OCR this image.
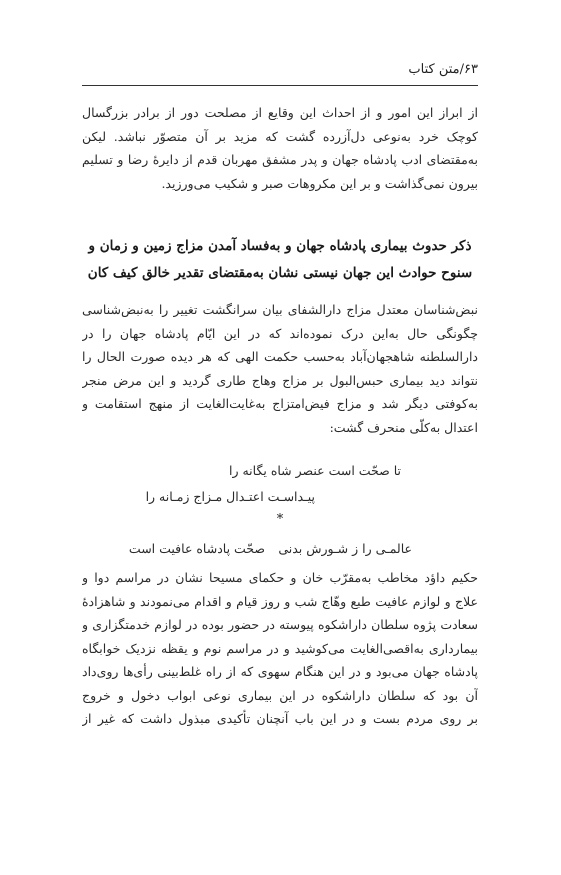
۶۳/متن کتاب
از ابراز این امور و از احداث این وقایع از مصلحت دور از برادر بزرگسال
کوچک خرد به‌نوعی دل‌آزرده گشت که مزید بر آن متصوّر نباشد. لیکن
به‌مقتضای ادب پادشاه جهان و پدر مشفق مهربان قدم از دایرهٔ رضا و تسلیم
بیرون نمی‌گذاشت و بر این مکروهات صبر و شکیب می‌ورزید.
ذکر حدوث بیماری پادشاه جهان و به‌فساد آمدن مزاج زمین و زمان و
سنوح حوادث این جهان نیستی نشان به‌مقتضای تقدیر خالق کیف کان
نبض‌شناسان معتدل مزاج دارالشفای بیان سرانگشت تغییر را به‌نبض‌شناسی
چگونگی حال به‌این درک نموده‌اند که در این ایّام پادشاه جهان را در
دارالسلطنه شاهجهان‌آباد به‌حسب حکمت الهی که هر دیده صورت الحال را
نتواند دید بیماری حبس‌البول بر مزاج وهاج طاری گردید و این مرض منجر
به‌کوفتی دیگر شد و مزاج فیض‌امتزاج به‌غایت‌الغایت از منهج استقامت و
اعتدال به‌کلّی منحرف گشت:
تا صحّت است عنصر شاه یگانه را
پیـداسـت اعتـدال مـزاج زمـانه را
*
عالمـی را ز شـورش بدنی
صحّت پادشاه عافیت است
حکیم داؤد مخاطب به‌مقرّب خان و حکمای مسیحا نشان در مراسم دوا و
علاج و لوازم عافیت طبع وهّاج شب و روز قیام و اقدام می‌نمودند و شاهزادهٔ
سعادت پژوه سلطان داراشکوه پیوسته در حضور بوده در لوازم خدمتگزاری و
بیمارداری به‌اقصی‌الغایت می‌کوشید و در مراسم نوم و یقظه نزدیک خوابگاه
پادشاه جهان می‌بود و در این هنگام سهوی که از راه غلط‌بینی رأی‌ها روی‌داد
آن بود که سلطان داراشکوه در این بیماری نوعی ابواب دخول و خروج
بر روی مردم بست و در این باب آنچنان تأکیدی مبذول داشت که غیر از
